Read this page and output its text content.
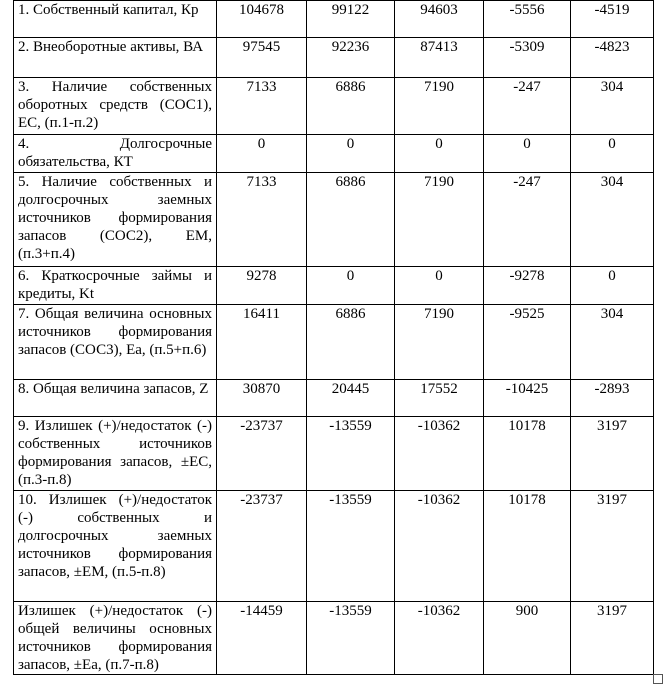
1. Собственный капитал, Кр	104678	99122	94603	-5556	-4519
2. Внеоборотные активы, ВА	97545	92236	87413	-5309	-4823
3. Наличие собственных оборотных средств (СОС1), ЕС, (п.1-п.2)	7133	6886	7190	-247	304
4. Долгосрочные обязательства, КТ	0	0	0	0	0
5. Наличие собственных и долгосрочных заемных источников формирования запасов (СОС2), ЕМ, (п.3+п.4)	7133	6886	7190	-247	304
6. Краткосрочные займы и кредиты, Kt	9278	0	0	-9278	0
7. Общая величина основных источников формирования запасов (СОС3), Ea, (п.5+п.6)	16411	6886	7190	-9525	304
8. Общая величина запасов, Z	30870	20445	17552	-10425	-2893
9. Излишек (+)/недостаток (-) собственных источников формирования запасов, ±ЕС, (п.3-п.8)	-23737	-13559	-10362	10178	3197
10. Излишек (+)/недостаток (-) собственных и долгосрочных заемных источников формирования запасов, ±ЕМ, (п.5-п.8)	-23737	-13559	-10362	10178	3197
Излишек (+)/недостаток (-) общей величины основных источников формирования запасов, ±Ea, (п.7-п.8)	-14459	-13559	-10362	900	3197
